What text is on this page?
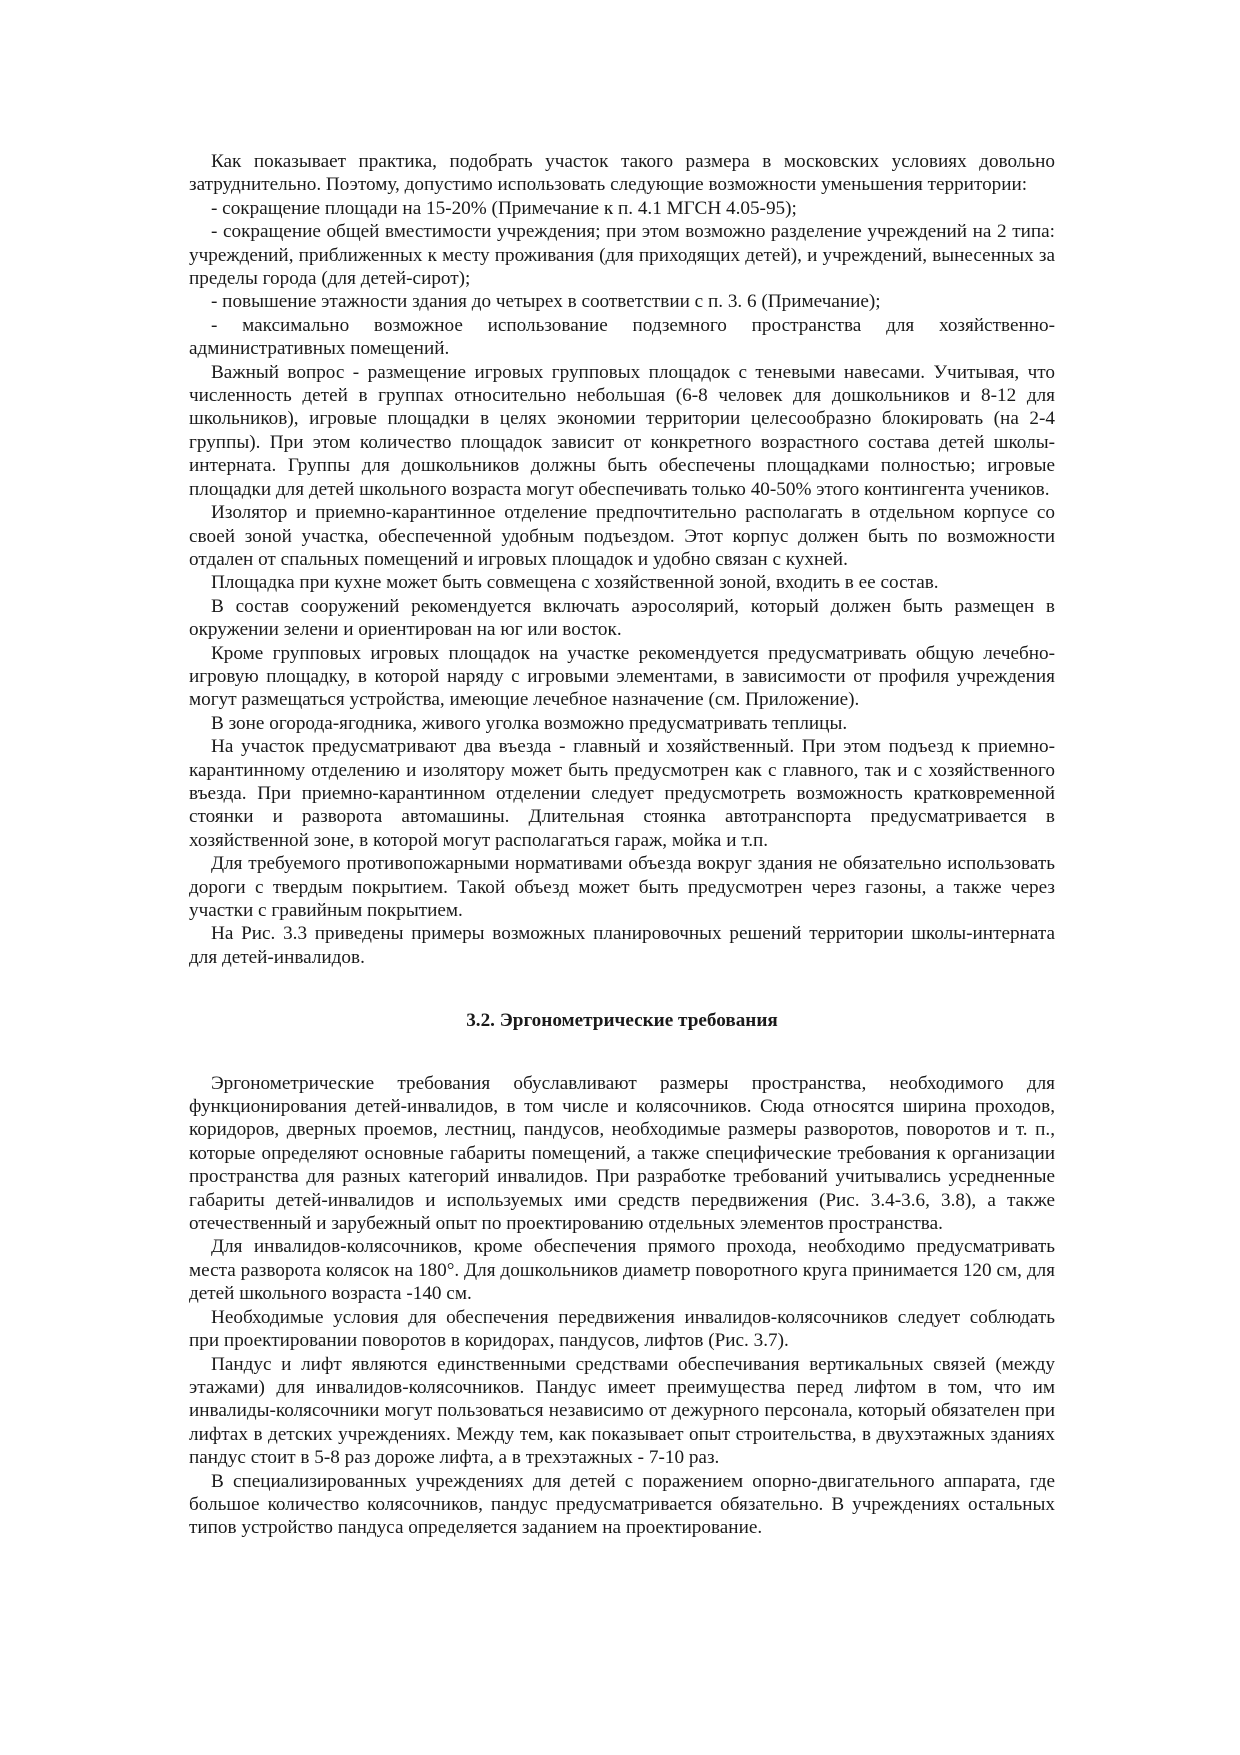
Как показывает практика, подобрать участок такого размера в московских условиях довольно затруднительно. Поэтому, допустимо использовать следующие возможности уменьшения территории:

- сокращение площади на 15-20% (Примечание к п. 4.1 МГСН 4.05-95);

- сокращение общей вместимости учреждения; при этом возможно разделение учреждений на 2 типа: учреждений, приближенных к месту проживания (для приходящих детей), и учреждений, вынесенных за пределы города (для детей-сирот);

- повышение этажности здания до четырех в соответствии с п. 3. 6 (Примечание);

- максимально возможное использование подземного пространства для хозяйственно-административных помещений.

Важный вопрос - размещение игровых групповых площадок с теневыми навесами. Учитывая, что численность детей в группах относительно небольшая (6-8 человек для дошкольников и 8-12 для школьников), игровые площадки в целях экономии территории целесообразно блокировать (на 2-4 группы). При этом количество площадок зависит от конкретного возрастного состава детей школы-интерната. Группы для дошкольников должны быть обеспечены площадками полностью; игровые площадки для детей школьного возраста могут обеспечивать только 40-50% этого контингента учеников.

Изолятор и приемно-карантинное отделение предпочтительно располагать в отдельном корпусе со своей зоной участка, обеспеченной удобным подъездом. Этот корпус должен быть по возможности отдален от спальных помещений и игровых площадок и удобно связан с кухней.

Площадка при кухне может быть совмещена с хозяйственной зоной, входить в ее состав.

В состав сооружений рекомендуется включать аэросолярий, который должен быть размещен в окружении зелени и ориентирован на юг или восток.

Кроме групповых игровых площадок на участке рекомендуется предусматривать общую лечебно-игровую площадку, в которой наряду с игровыми элементами, в зависимости от профиля учреждения могут размещаться устройства, имеющие лечебное назначение (см. Приложение).

В зоне огорода-ягодника, живого уголка возможно предусматривать теплицы.

На участок предусматривают два въезда - главный и хозяйственный. При этом подъезд к приемно-карантинному отделению и изолятору может быть предусмотрен как с главного, так и с хозяйственного въезда. При приемно-карантинном отделении следует предусмотреть возможность кратковременной стоянки и разворота автомашины. Длительная стоянка автотранспорта предусматривается в хозяйственной зоне, в которой могут располагаться гараж, мойка и т.п.

Для требуемого противопожарными нормативами объезда вокруг здания не обязательно использовать дороги с твердым покрытием. Такой объезд может быть предусмотрен через газоны, а также через участки с гравийным покрытием.

На Рис. 3.3 приведены примеры возможных планировочных решений территории школы-интерната для детей-инвалидов.

3.2. Эргонометрические требования

Эргонометрические требования обуславливают размеры пространства, необходимого для функционирования детей-инвалидов, в том числе и колясочников. Сюда относятся ширина проходов, коридоров, дверных проемов, лестниц, пандусов, необходимые размеры разворотов, поворотов и т. п., которые определяют основные габариты помещений, а также специфические требования к организации пространства для разных категорий инвалидов. При разработке требований учитывались усредненные габариты детей-инвалидов и используемых ими средств передвижения (Рис. 3.4-3.6, 3.8), а также отечественный и зарубежный опыт по проектированию отдельных элементов пространства.

Для инвалидов-колясочников, кроме обеспечения прямого прохода, необходимо предусматривать места разворота колясок на 180°. Для дошкольников диаметр поворотного круга принимается 120 см, для детей школьного возраста -140 см.

Необходимые условия для обеспечения передвижения инвалидов-колясочников следует соблюдать при проектировании поворотов в коридорах, пандусов, лифтов (Рис. 3.7).

Пандус и лифт являются единственными средствами обеспечивания вертикальных связей (между этажами) для инвалидов-колясочников. Пандус имеет преимущества перед лифтом в том, что им инвалиды-колясочники могут пользоваться независимо от дежурного персонала, который обязателен при лифтах в детских учреждениях. Между тем, как показывает опыт строительства, в двухэтажных зданиях пандус стоит в 5-8 раз дороже лифта, а в трехэтажных - 7-10 раз.

В специализированных учреждениях для детей с поражением опорно-двигательного аппарата, где большое количество колясочников, пандус предусматривается обязательно. В учреждениях остальных типов устройство пандуса определяется заданием на проектирование.
